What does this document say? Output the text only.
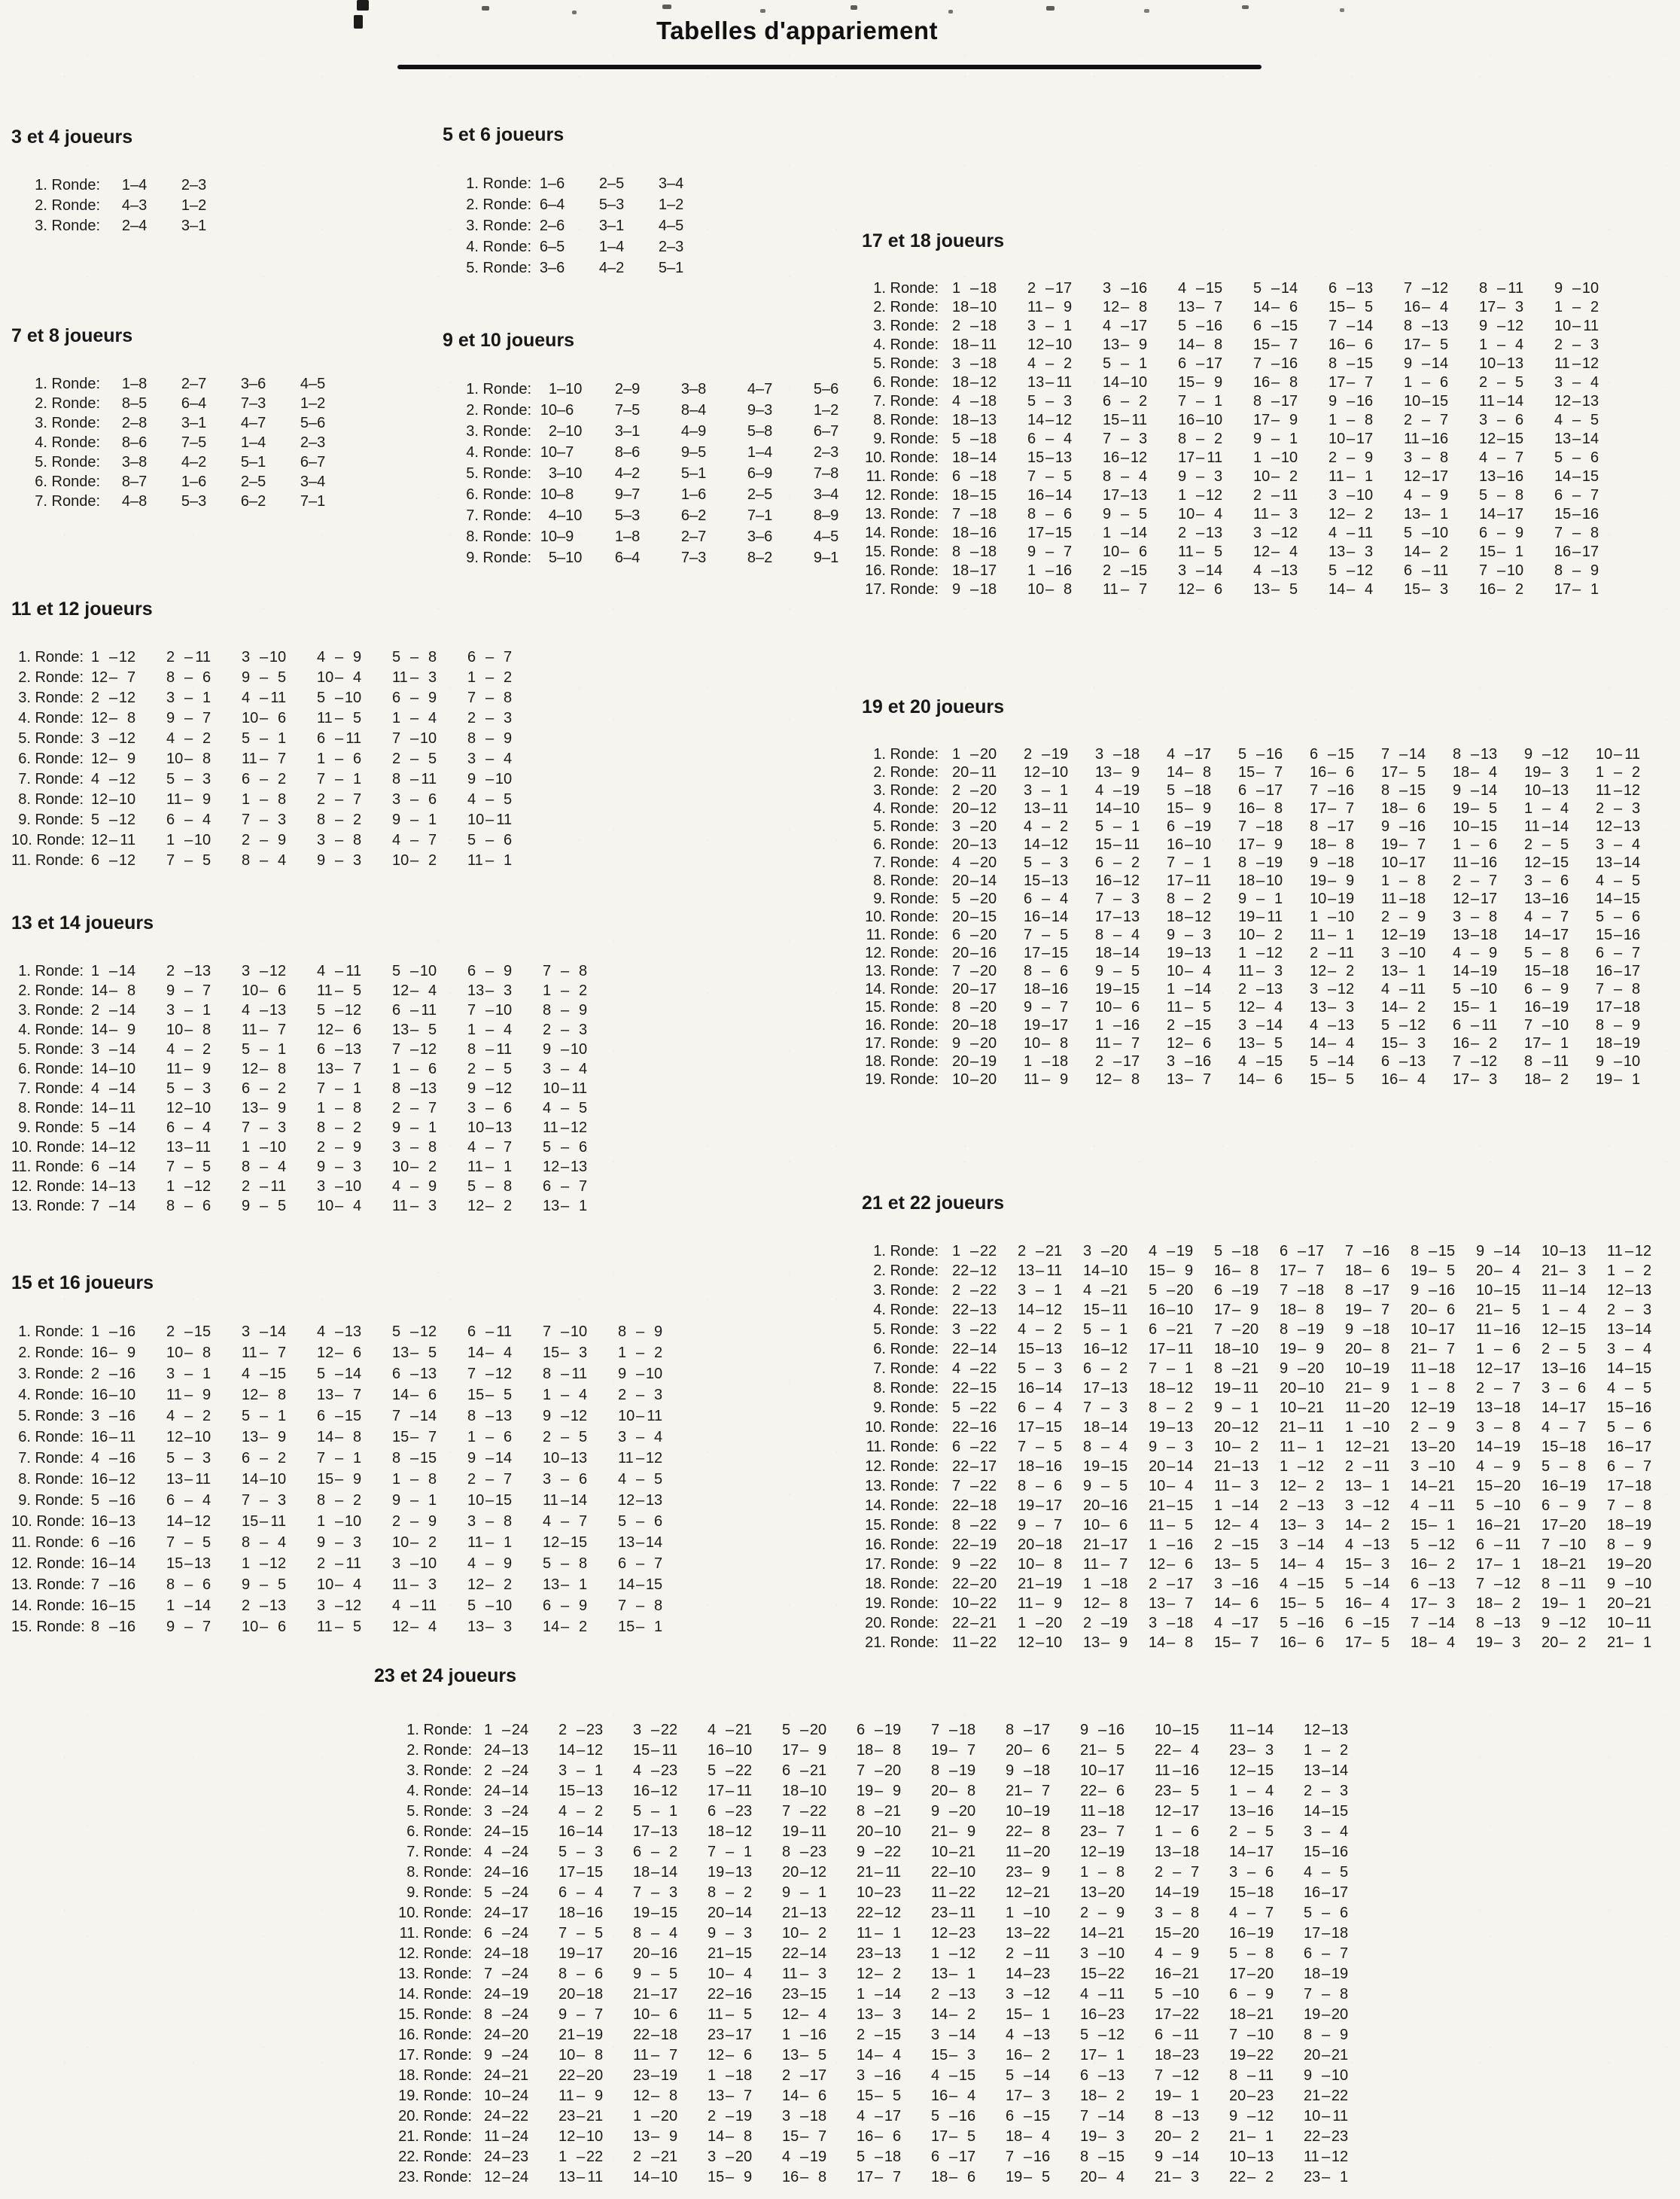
Tabelles d'appariement
3 et 4 joueurs
1. Ronde: 1 – 4 2 – 3
2. Ronde: 4 – 3 1 – 2
3. Ronde: 2 – 4 3 – 1
5 et 6 joueurs
1. Ronde: 1 – 6 2 – 5 3 – 4
2. Ronde: 6 – 4 5 – 3 1 – 2
3. Ronde: 2 – 6 3 – 1 4 – 5
4. Ronde: 6 – 5 1 – 4 2 – 3
5. Ronde: 3 – 6 4 – 2 5 – 1
7 et 8 joueurs
1. Ronde: 1 – 8 2 – 7 3 – 6 4 – 5
2. Ronde: 8 – 5 6 – 4 7 – 3 1 – 2
3. Ronde: 2 – 8 3 – 1 4 – 7 5 – 6
4. Ronde: 8 – 6 7 – 5 1 – 4 2 – 3
5. Ronde: 3 – 8 4 – 2 5 – 1 6 – 7
6. Ronde: 8 – 7 1 – 6 2 – 5 3 – 4
7. Ronde: 4 – 8 5 – 3 6 – 2 7 – 1
9 et 10 joueurs
1. Ronde:	1 – 10	2 – 9	3 – 8	4 – 7	5 – 6
2. Ronde: 10 – 6	7 – 5	8 – 4	9 – 3	1 – 2
3. Ronde:	2 – 10	3 – 1	4 – 9	5 – 8	6 – 7
4. Ronde: 10 – 7	8 – 6	9 – 5	1 – 4	2 – 3
5. Ronde:	3 – 10	4 – 2	5 – 1	6 – 9	7 – 8
6. Ronde: 10 – 8	9 – 7	1 – 6	2 – 5	3 – 4
7. Ronde:	4 – 10	5 – 3	6 – 2	7 – 1	8 – 9
8. Ronde: 10 – 9	1 – 8	2 – 7	3 – 6	4 – 5
9. Ronde:	5 – 10	6 – 4	7 – 3	8 – 2	9 – 1
11 et 12 joueurs
1. Ronde: 1 – 12 2 – 11 3 – 10 4 – 9 5 – 8 6 – 7
2. Ronde: 12 – 7 8 – 6 9 – 5 10 – 4 11 – 3 1 – 2
3. Ronde: 2 – 12 3 – 1 4 – 11 5 – 10 6 – 9 7 – 8
4. Ronde: 12 – 8 9 – 7 10 – 6 11 – 5 1 – 4 2 – 3
5. Ronde: 3 – 12 4 – 2 5 – 1 6 – 11 7 – 10 8 – 9
6. Ronde: 12 – 9 10 – 8 11 – 7 1 – 6 2 – 5 3 – 4
7. Ronde: 4 – 12 5 – 3 6 – 2 7 – 1 8 – 11 9 – 10
8. Ronde: 12 – 10 11 – 9 1 – 8 2 – 7 3 – 6 4 – 5
9. Ronde: 5 – 12 6 – 4 7 – 3 8 – 2 9 – 1 10 – 11
10. Ronde: 12 – 11 1 – 10 2 – 9 3 – 8 4 – 7 5 – 6
11. Ronde: 6 – 12 7 – 5 8 – 4 9 – 3 10 – 2 11 – 1
13 et 14 joueurs
1. Ronde: 1 – 14 2 – 13 3 – 12 4 – 11 5 – 10 6 – 9 7 – 8
2. Ronde: 14 – 8 9 – 7 10 – 6 11 – 5 12 – 4 13 – 3 1 – 2
3. Ronde: 2 – 14 3 – 1 4 – 13 5 – 12 6 – 11 7 – 10 8 – 9
4. Ronde: 14 – 9 10 – 8 11 – 7 12 – 6 13 – 5 1 – 4 2 – 3
5. Ronde: 3 – 14 4 – 2 5 – 1 6 – 13 7 – 12 8 – 11 9 – 10
6. Ronde: 14 – 10 11 – 9 12 – 8 13 – 7 1 – 6 2 – 5 3 – 4
7. Ronde: 4 – 14 5 – 3 6 – 2 7 – 1 8 – 13 9 – 12 10 – 11
8. Ronde: 14 – 11 12 – 10 13 – 9 1 – 8 2 – 7 3 – 6 4 – 5
9. Ronde: 5 – 14 6 – 4 7 – 3 8 – 2 9 – 1 10 – 13 11 – 12
10. Ronde: 14 – 12 13 – 11 1 – 10 2 – 9 3 – 8 4 – 7 5 – 6
11. Ronde: 6 – 14 7 – 5 8 – 4 9 – 3 10 – 2 11 – 1 12 – 13
12. Ronde: 14 – 13 1 – 12 2 – 11 3 – 10 4 – 9 5 – 8 6 – 7
13. Ronde: 7 – 14 8 – 6 9 – 5 10 – 4 11 – 3 12 – 2 13 – 1
15 et 16 joueurs
1. Ronde: 1 – 16 2 – 15 3 – 14 4 – 13 5 – 12 6 – 11 7 – 10 8 – 9
2. Ronde: 16 – 9 10 – 8 11 – 7 12 – 6 13 – 5 14 – 4 15 – 3 1 – 2
3. Ronde: 2 – 16 3 – 1 4 – 15 5 – 14 6 – 13 7 – 12 8 – 11 9 – 10
4. Ronde: 16 – 10 11 – 9 12 – 8 13 – 7 14 – 6 15 – 5 1 – 4 2 – 3
5. Ronde: 3 – 16 4 – 2 5 – 1 6 – 15 7 – 14 8 – 13 9 – 12 10 – 11
6. Ronde: 16 – 11 12 – 10 13 – 9 14 – 8 15 – 7 1 – 6 2 – 5 3 – 4
7. Ronde: 4 – 16 5 – 3 6 – 2 7 – 1 8 – 15 9 – 14 10 – 13 11 – 12
8. Ronde: 16 – 12 13 – 11 14 – 10 15 – 9 1 – 8 2 – 7 3 – 6 4 – 5
9. Ronde: 5 – 16 6 – 4 7 – 3 8 – 2 9 – 1 10 – 15 11 – 14 12 – 13
10. Ronde: 16 – 13 14 – 12 15 – 11 1 – 10 2 – 9 3 – 8 4 – 7 5 – 6
11. Ronde: 6 – 16 7 – 5 8 – 4 9 – 3 10 – 2 11 – 1 12 – 15 13 – 14
12. Ronde: 16 – 14 15 – 13 1 – 12 2 – 11 3 – 10 4 – 9 5 – 8 6 – 7
13. Ronde: 7 – 16 8 – 6 9 – 5 10 – 4 11 – 3 12 – 2 13 – 1 14 – 15
14. Ronde: 16 – 15 1 – 14 2 – 13 3 – 12 4 – 11 5 – 10 6 – 9 7 – 8
15. Ronde: 8 – 16 9 – 7 10 – 6 11 – 5 12 – 4 13 – 3 14 – 2 15 – 1
17 et 18 joueurs
1. Ronde: 1 – 18 2 – 17 3 – 16 4 – 15 5 – 14 6 – 13 7 – 12 8 – 11 9 – 10
2. Ronde: 18 – 10 11 – 9 12 – 8 13 – 7 14 – 6 15 – 5 16 – 4 17 – 3 1 – 2
3. Ronde: 2 – 18 3 – 1 4 – 17 5 – 16 6 – 15 7 – 14 8 – 13 9 – 12 10 – 11
4. Ronde: 18 – 11 12 – 10 13 – 9 14 – 8 15 – 7 16 – 6 17 – 5 1 – 4 2 – 3
5. Ronde: 3 – 18 4 – 2 5 – 1 6 – 17 7 – 16 8 – 15 9 – 14 10 – 13 11 – 12
6. Ronde: 18 – 12 13 – 11 14 – 10 15 – 9 16 – 8 17 – 7 1 – 6 2 – 5 3 – 4
7. Ronde: 4 – 18 5 – 3 6 – 2 7 – 1 8 – 17 9 – 16 10 – 15 11 – 14 12 – 13
8. Ronde: 18 – 13 14 – 12 15 – 11 16 – 10 17 – 9 1 – 8 2 – 7 3 – 6 4 – 5
9. Ronde: 5 – 18 6 – 4 7 – 3 8 – 2 9 – 1 10 – 17 11 – 16 12 – 15 13 – 14
10. Ronde: 18 – 14 15 – 13 16 – 12 17 – 11 1 – 10 2 – 9 3 – 8 4 – 7 5 – 6
11. Ronde: 6 – 18 7 – 5 8 – 4 9 – 3 10 – 2 11 – 1 12 – 17 13 – 16 14 – 15
12. Ronde: 18 – 15 16 – 14 17 – 13 1 – 12 2 – 11 3 – 10 4 – 9 5 – 8 6 – 7
13. Ronde: 7 – 18 8 – 6 9 – 5 10 – 4 11 – 3 12 – 2 13 – 1 14 – 17 15 – 16
14. Ronde: 18 – 16 17 – 15 1 – 14 2 – 13 3 – 12 4 – 11 5 – 10 6 – 9 7 – 8
15. Ronde: 8 – 18 9 – 7 10 – 6 11 – 5 12 – 4 13 – 3 14 – 2 15 – 1 16 – 17
16. Ronde: 18 – 17 1 – 16 2 – 15 3 – 14 4 – 13 5 – 12 6 – 11 7 – 10 8 – 9
17. Ronde: 9 – 18 10 – 8 11 – 7 12 – 6 13 – 5 14 – 4 15 – 3 16 – 2 17 – 1
19 et 20 joueurs
1. Ronde: 1 – 20 2 – 19 3 – 18 4 – 17 5 – 16 6 – 15 7 – 14 8 – 13 9 – 12 10 – 11
2. Ronde: 20 – 11 12 – 10 13 – 9 14 – 8 15 – 7 16 – 6 17 – 5 18 – 4 19 – 3 1 – 2
3. Ronde: 2 – 20 3 – 1 4 – 19 5 – 18 6 – 17 7 – 16 8 – 15 9 – 14 10 – 13 11 – 12
4. Ronde: 20 – 12 13 – 11 14 – 10 15 – 9 16 – 8 17 – 7 18 – 6 19 – 5 1 – 4 2 – 3
5. Ronde: 3 – 20 4 – 2 5 – 1 6 – 19 7 – 18 8 – 17 9 – 16 10 – 15 11 – 14 12 – 13
6. Ronde: 20 – 13 14 – 12 15 – 11 16 – 10 17 – 9 18 – 8 19 – 7 1 – 6 2 – 5 3 – 4
7. Ronde: 4 – 20 5 – 3 6 – 2 7 – 1 8 – 19 9 – 18 10 – 17 11 – 16 12 – 15 13 – 14
8. Ronde: 20 – 14 15 – 13 16 – 12 17 – 11 18 – 10 19 – 9 1 – 8 2 – 7 3 – 6 4 – 5
9. Ronde: 5 – 20 6 – 4 7 – 3 8 – 2 9 – 1 10 – 19 11 – 18 12 – 17 13 – 16 14 – 15
10. Ronde: 20 – 15 16 – 14 17 – 13 18 – 12 19 – 11 1 – 10 2 – 9 3 – 8 4 – 7 5 – 6
11. Ronde: 6 – 20 7 – 5 8 – 4 9 – 3 10 – 2 11 – 1 12 – 19 13 – 18 14 – 17 15 – 16
12. Ronde: 20 – 16 17 – 15 18 – 14 19 – 13 1 – 12 2 – 11 3 – 10 4 – 9 5 – 8 6 – 7
13. Ronde: 7 – 20 8 – 6 9 – 5 10 – 4 11 – 3 12 – 2 13 – 1 14 – 19 15 – 18 16 – 17
14. Ronde: 20 – 17 18 – 16 19 – 15 1 – 14 2 – 13 3 – 12 4 – 11 5 – 10 6 – 9 7 – 8
15. Ronde: 8 – 20 9 – 7 10 – 6 11 – 5 12 – 4 13 – 3 14 – 2 15 – 1 16 – 19 17 – 18
16. Ronde: 20 – 18 19 – 17 1 – 16 2 – 15 3 – 14 4 – 13 5 – 12 6 – 11 7 – 10 8 – 9
17. Ronde: 9 – 20 10 – 8 11 – 7 12 – 6 13 – 5 14 – 4 15 – 3 16 – 2 17 – 1 18 – 19
18. Ronde: 20 – 19 1 – 18 2 – 17 3 – 16 4 – 15 5 – 14 6 – 13 7 – 12 8 – 11 9 – 10
19. Ronde: 10 – 20 11 – 9 12 – 8 13 – 7 14 – 6 15 – 5 16 – 4 17 – 3 18 – 2 19 – 1
21 et 22 joueurs
1. Ronde: 1 – 22 2 – 21 3 – 20 4 – 19 5 – 18 6 – 17 7 – 16 8 – 15 9 – 14 10 – 13 11 – 12
2. Ronde: 22 – 12 13 – 11 14 – 10 15 – 9 16 – 8 17 – 7 18 – 6 19 – 5 20 – 4 21 – 3 1 – 2
3. Ronde: 2 – 22 3 – 1 4 – 21 5 – 20 6 – 19 7 – 18 8 – 17 9 – 16 10 – 15 11 – 14 12 – 13
4. Ronde: 22 – 13 14 – 12 15 – 11 16 – 10 17 – 9 18 – 8 19 – 7 20 – 6 21 – 5 1 – 4 2 – 3
5. Ronde: 3 – 22 4 – 2 5 – 1 6 – 21 7 – 20 8 – 19 9 – 18 10 – 17 11 – 16 12 – 15 13 – 14
6. Ronde: 22 – 14 15 – 13 16 – 12 17 – 11 18 – 10 19 – 9 20 – 8 21 – 7 1 – 6 2 – 5 3 – 4
7. Ronde: 4 – 22 5 – 3 6 – 2 7 – 1 8 – 21 9 – 20 10 – 19 11 – 18 12 – 17 13 – 16 14 – 15
8. Ronde: 22 – 15 16 – 14 17 – 13 18 – 12 19 – 11 20 – 10 21 – 9 1 – 8 2 – 7 3 – 6 4 – 5
9. Ronde: 5 – 22 6 – 4 7 – 3 8 – 2 9 – 1 10 – 21 11 – 20 12 – 19 13 – 18 14 – 17 15 – 16
10. Ronde: 22 – 16 17 – 15 18 – 14 19 – 13 20 – 12 21 – 11 1 – 10 2 – 9 3 – 8 4 – 7 5 – 6
11. Ronde: 6 – 22 7 – 5 8 – 4 9 – 3 10 – 2 11 – 1 12 – 21 13 – 20 14 – 19 15 – 18 16 – 17
12. Ronde: 22 – 17 18 – 16 19 – 15 20 – 14 21 – 13 1 – 12 2 – 11 3 – 10 4 – 9 5 – 8 6 – 7
13. Ronde: 7 – 22 8 – 6 9 – 5 10 – 4 11 – 3 12 – 2 13 – 1 14 – 21 15 – 20 16 – 19 17 – 18
14. Ronde: 22 – 18 19 – 17 20 – 16 21 – 15 1 – 14 2 – 13 3 – 12 4 – 11 5 – 10 6 – 9 7 – 8
15. Ronde: 8 – 22 9 – 7 10 – 6 11 – 5 12 – 4 13 – 3 14 – 2 15 – 1 16 – 21 17 – 20 18 – 19
16. Ronde: 22 – 19 20 – 18 21 – 17 1 – 16 2 – 15 3 – 14 4 – 13 5 – 12 6 – 11 7 – 10 8 – 9
17. Ronde: 9 – 22 10 – 8 11 – 7 12 – 6 13 – 5 14 – 4 15 – 3 16 – 2 17 – 1 18 – 21 19 – 20
18. Ronde: 22 – 20 21 – 19 1 – 18 2 – 17 3 – 16 4 – 15 5 – 14 6 – 13 7 – 12 8 – 11 9 – 10
19. Ronde: 10 – 22 11 – 9 12 – 8 13 – 7 14 – 6 15 – 5 16 – 4 17 – 3 18 – 2 19 – 1 20 – 21
20. Ronde: 22 – 21 1 – 20 2 – 19 3 – 18 4 – 17 5 – 16 6 – 15 7 – 14 8 – 13 9 – 12 10 – 11
21. Ronde: 11 – 22 12 – 10 13 – 9 14 – 8 15 – 7 16 – 6 17 – 5 18 – 4 19 – 3 20 – 2 21 – 1
23 et 24 joueurs
1. Ronde: 1 – 24 2 – 23 3 – 22 4 – 21 5 – 20 6 – 19 7 – 18 8 – 17 9 – 16 10 – 15 11 – 14 12 – 13
2. Ronde: 24 – 13 14 – 12 15 – 11 16 – 10 17 – 9 18 – 8 19 – 7 20 – 6 21 – 5 22 – 4 23 – 3 1 – 2
3. Ronde: 2 – 24 3 – 1 4 – 23 5 – 22 6 – 21 7 – 20 8 – 19 9 – 18 10 – 17 11 – 16 12 – 15 13 – 14
4. Ronde: 24 – 14 15 – 13 16 – 12 17 – 11 18 – 10 19 – 9 20 – 8 21 – 7 22 – 6 23 – 5 1 – 4 2 – 3
5. Ronde: 3 – 24 4 – 2 5 – 1 6 – 23 7 – 22 8 – 21 9 – 20 10 – 19 11 – 18 12 – 17 13 – 16 14 – 15
6. Ronde: 24 – 15 16 – 14 17 – 13 18 – 12 19 – 11 20 – 10 21 – 9 22 – 8 23 – 7 1 – 6 2 – 5 3 – 4
7. Ronde: 4 – 24 5 – 3 6 – 2 7 – 1 8 – 23 9 – 22 10 – 21 11 – 20 12 – 19 13 – 18 14 – 17 15 – 16
8. Ronde: 24 – 16 17 – 15 18 – 14 19 – 13 20 – 12 21 – 11 22 – 10 23 – 9 1 – 8 2 – 7 3 – 6 4 – 5
9. Ronde: 5 – 24 6 – 4 7 – 3 8 – 2 9 – 1 10 – 23 11 – 22 12 – 21 13 – 20 14 – 19 15 – 18 16 – 17
10. Ronde: 24 – 17 18 – 16 19 – 15 20 – 14 21 – 13 22 – 12 23 – 11 1 – 10 2 – 9 3 – 8 4 – 7 5 – 6
11. Ronde: 6 – 24 7 – 5 8 – 4 9 – 3 10 – 2 11 – 1 12 – 23 13 – 22 14 – 21 15 – 20 16 – 19 17 – 18
12. Ronde: 24 – 18 19 – 17 20 – 16 21 – 15 22 – 14 23 – 13 1 – 12 2 – 11 3 – 10 4 – 9 5 – 8 6 – 7
13. Ronde: 7 – 24 8 – 6 9 – 5 10 – 4 11 – 3 12 – 2 13 – 1 14 – 23 15 – 22 16 – 21 17 – 20 18 – 19
14. Ronde: 24 – 19 20 – 18 21 – 17 22 – 16 23 – 15 1 – 14 2 – 13 3 – 12 4 – 11 5 – 10 6 – 9 7 – 8
15. Ronde: 8 – 24 9 – 7 10 – 6 11 – 5 12 – 4 13 – 3 14 – 2 15 – 1 16 – 23 17 – 22 18 – 21 19 – 20
16. Ronde: 24 – 20 21 – 19 22 – 18 23 – 17 1 – 16 2 – 15 3 – 14 4 – 13 5 – 12 6 – 11 7 – 10 8 – 9
17. Ronde: 9 – 24 10 – 8 11 – 7 12 – 6 13 – 5 14 – 4 15 – 3 16 – 2 17 – 1 18 – 23 19 – 22 20 – 21
18. Ronde: 24 – 21 22 – 20 23 – 19 1 – 18 2 – 17 3 – 16 4 – 15 5 – 14 6 – 13 7 – 12 8 – 11 9 – 10
19. Ronde: 10 – 24 11 – 9 12 – 8 13 – 7 14 – 6 15 – 5 16 – 4 17 – 3 18 – 2 19 – 1 20 – 23 21 – 22
20. Ronde: 24 – 22 23 – 21 1 – 20 2 – 19 3 – 18 4 – 17 5 – 16 6 – 15 7 – 14 8 – 13 9 – 12 10 – 11
21. Ronde: 11 – 24 12 – 10 13 – 9 14 – 8 15 – 7 16 – 6 17 – 5 18 – 4 19 – 3 20 – 2 21 – 1 22 – 23
22. Ronde: 24 – 23 1 – 22 2 – 21 3 – 20 4 – 19 5 – 18 6 – 17 7 – 16 8 – 15 9 – 14 10 – 13 11 – 12
23. Ronde: 12 – 24 13 – 11 14 – 10 15 – 9 16 – 8 17 – 7 18 – 6 19 – 5 20 – 4 21 – 3 22 – 2 23 – 1
